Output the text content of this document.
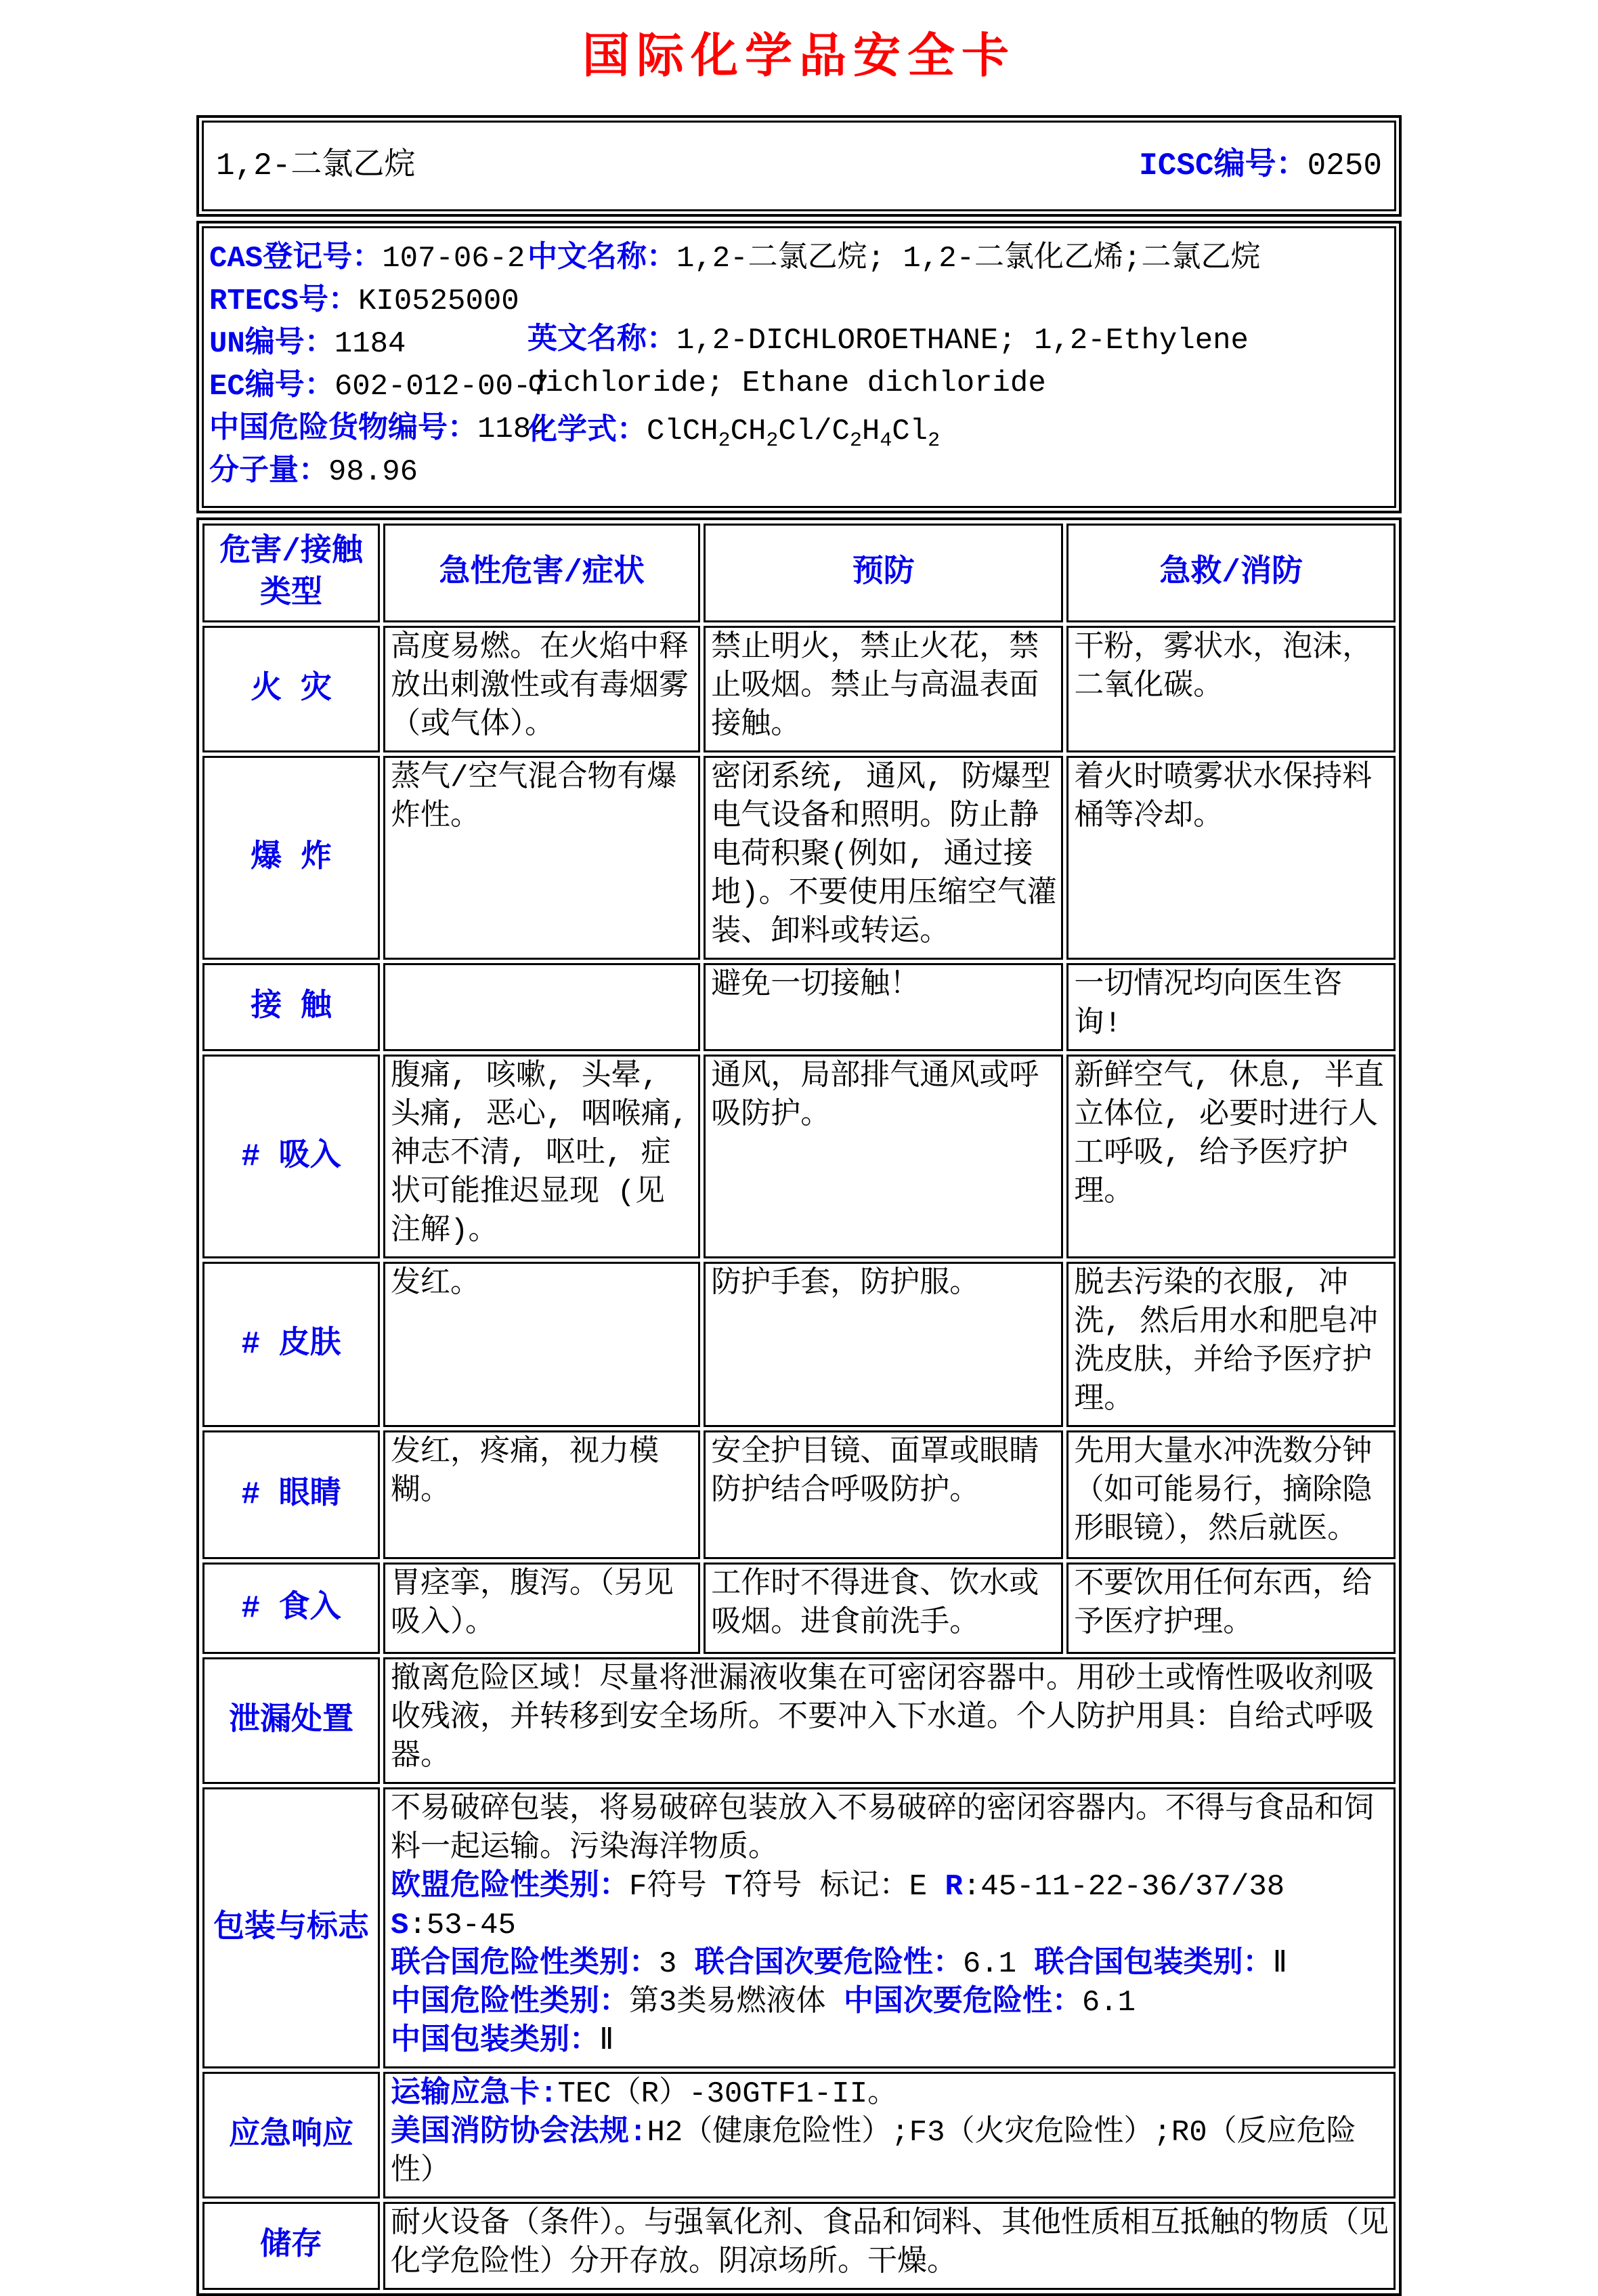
国际化学品安全卡
1,2-二氯乙烷	ICSC编号：0250
CAS登记号：107-06-2
RTECS号：KI0525000
UN编号：1184
EC编号：602-012-00-7
中国危险货物编号：1184
分子量：98.96
中文名称：1,2-二氯乙烷; 1,2-二氯化乙烯;二氯乙烷
英文名称：1,2-DICHLOROETHANE; 1,2-Ethylene dichloride; Ethane dichloride
化学式：$ClCH_2CH_2Cl/C_2H_4Cl_2$
危害/接触类型	急性危害/症状	预防	急救/消防
火 灾	高度易燃。在火焰中释放出刺激性或有毒烟雾（或气体）。	禁止明火，禁止火花，禁止吸烟。禁止与高温表面接触。	干粉，雾状水，泡沫，二氧化碳。
爆 炸	蒸气/空气混合物有爆炸性。	密闭系统, 通风, 防爆型电气设备和照明。防止静电荷积聚(例如, 通过接地)。不要使用压缩空气灌装、卸料或转运。	着火时喷雾状水保持料桶等冷却。
接 触		避免一切接触！	一切情况均向医生咨询!
# 吸入	腹痛, 咳嗽, 头晕, 头痛, 恶心, 咽喉痛, 神志不清, 呕吐, 症状可能推迟显现 (见注解)。	通风，局部排气通风或呼吸防护。	新鲜空气, 休息, 半直立体位, 必要时进行人工呼吸, 给予医疗护理。
# 皮肤	发红。	防护手套，防护服。	脱去污染的衣服, 冲洗, 然后用水和肥皂冲洗皮肤，并给予医疗护理。
# 眼睛	发红，疼痛，视力模糊。	安全护目镜、面罩或眼睛防护结合呼吸防护。	先用大量水冲洗数分钟（如可能易行，摘除隐形眼镜），然后就医。
# 食入	胃痉挛，腹泻。（另见吸入）。	工作时不得进食、饮水或吸烟。进食前洗手。	不要饮用任何东西，给予医疗护理。
泄漏处置	撤离危险区域！尽量将泄漏液收集在可密闭容器中。用砂土或惰性吸收剂吸收残液，并转移到安全场所。不要冲入下水道。个人防护用具：自给式呼吸器。		

包装与标志	
不易破碎包装，将易破碎包装放入不易破碎的密闭容器内。不得与食品和饲料一起运输。污染海洋物质。
欧盟危险性类别：F符号 T符号 标记：E R:45-11-22-36/37/38
S:53-45
联合国危险性类别：3 联合国次要危险性：6.1 联合国包装类别：Ⅱ
中国危险性类别：第3类易燃液体 中国次要危险性：6.1
中国包装类别：Ⅱ

应急响应	运输应急卡:TEC（R）-30GTF1-II。
美国消防协会法规:H2（健康危险性）;F3（火灾危险性）;R0（反应危险性）		

储存	耐火设备（条件）。与强氧化剂、食品和饲料、其他性质相互抵触的物质（见化学危险性）分开存放。阴凉场所。干燥。		
